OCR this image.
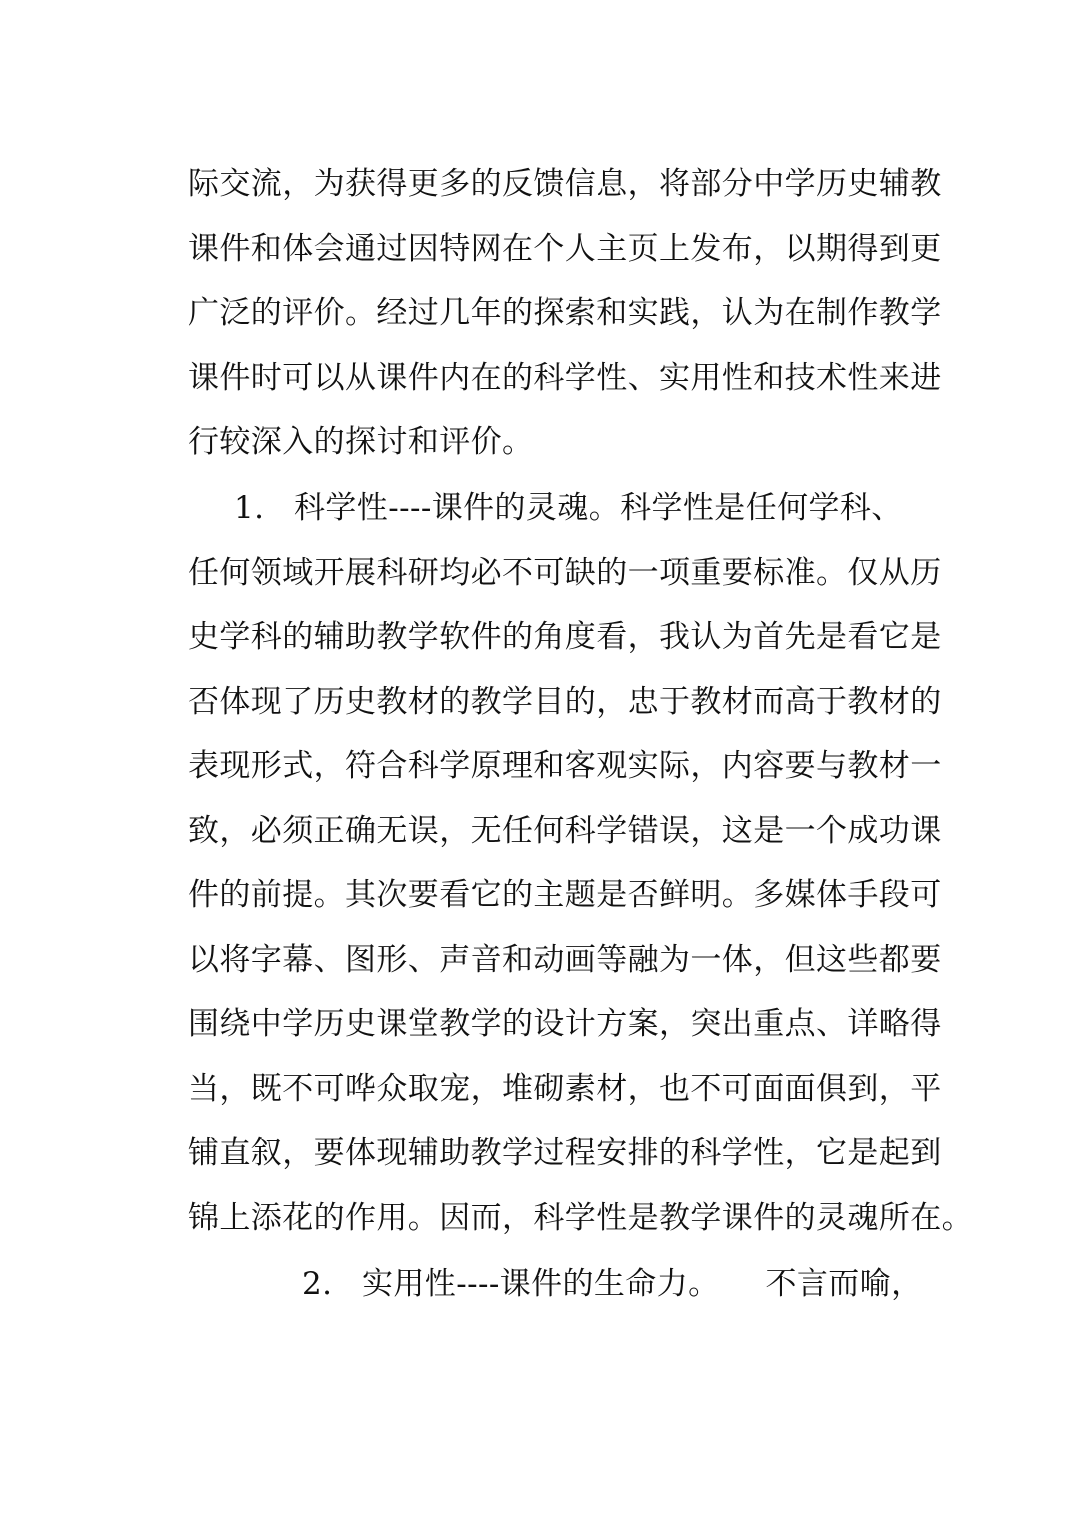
际交流，为获得更多的反馈信息，将部分中学历史辅教
课件和体会通过因特网在个人主页上发布，以期得到更
广泛的评价。经过几年的探索和实践，认为在制作教学
课件时可以从课件内在的科学性、实用性和技术性来进
行较深入的探讨和评价。
1. 科学性----课件的灵魂。科学性是任何学科、
任何领域开展科研均必不可缺的一项重要标准。仅从历
史学科的辅助教学软件的角度看，我认为首先是看它是
否体现了历史教材的教学目的，忠于教材而高于教材的
表现形式，符合科学原理和客观实际，内容要与教材一
致，必须正确无误，无任何科学错误，这是一个成功课
件的前提。其次要看它的主题是否鲜明。多媒体手段可
以将字幕、图形、声音和动画等融为一体，但这些都要
围绕中学历史课堂教学的设计方案，突出重点、详略得
当，既不可哗众取宠，堆砌素材，也不可面面俱到，平
铺直叙，要体现辅助教学过程安排的科学性，它是起到
锦上添花的作用。因而，科学性是教学课件的灵魂所在。
2. 实用性----课件的生命力。 不言而喻，
